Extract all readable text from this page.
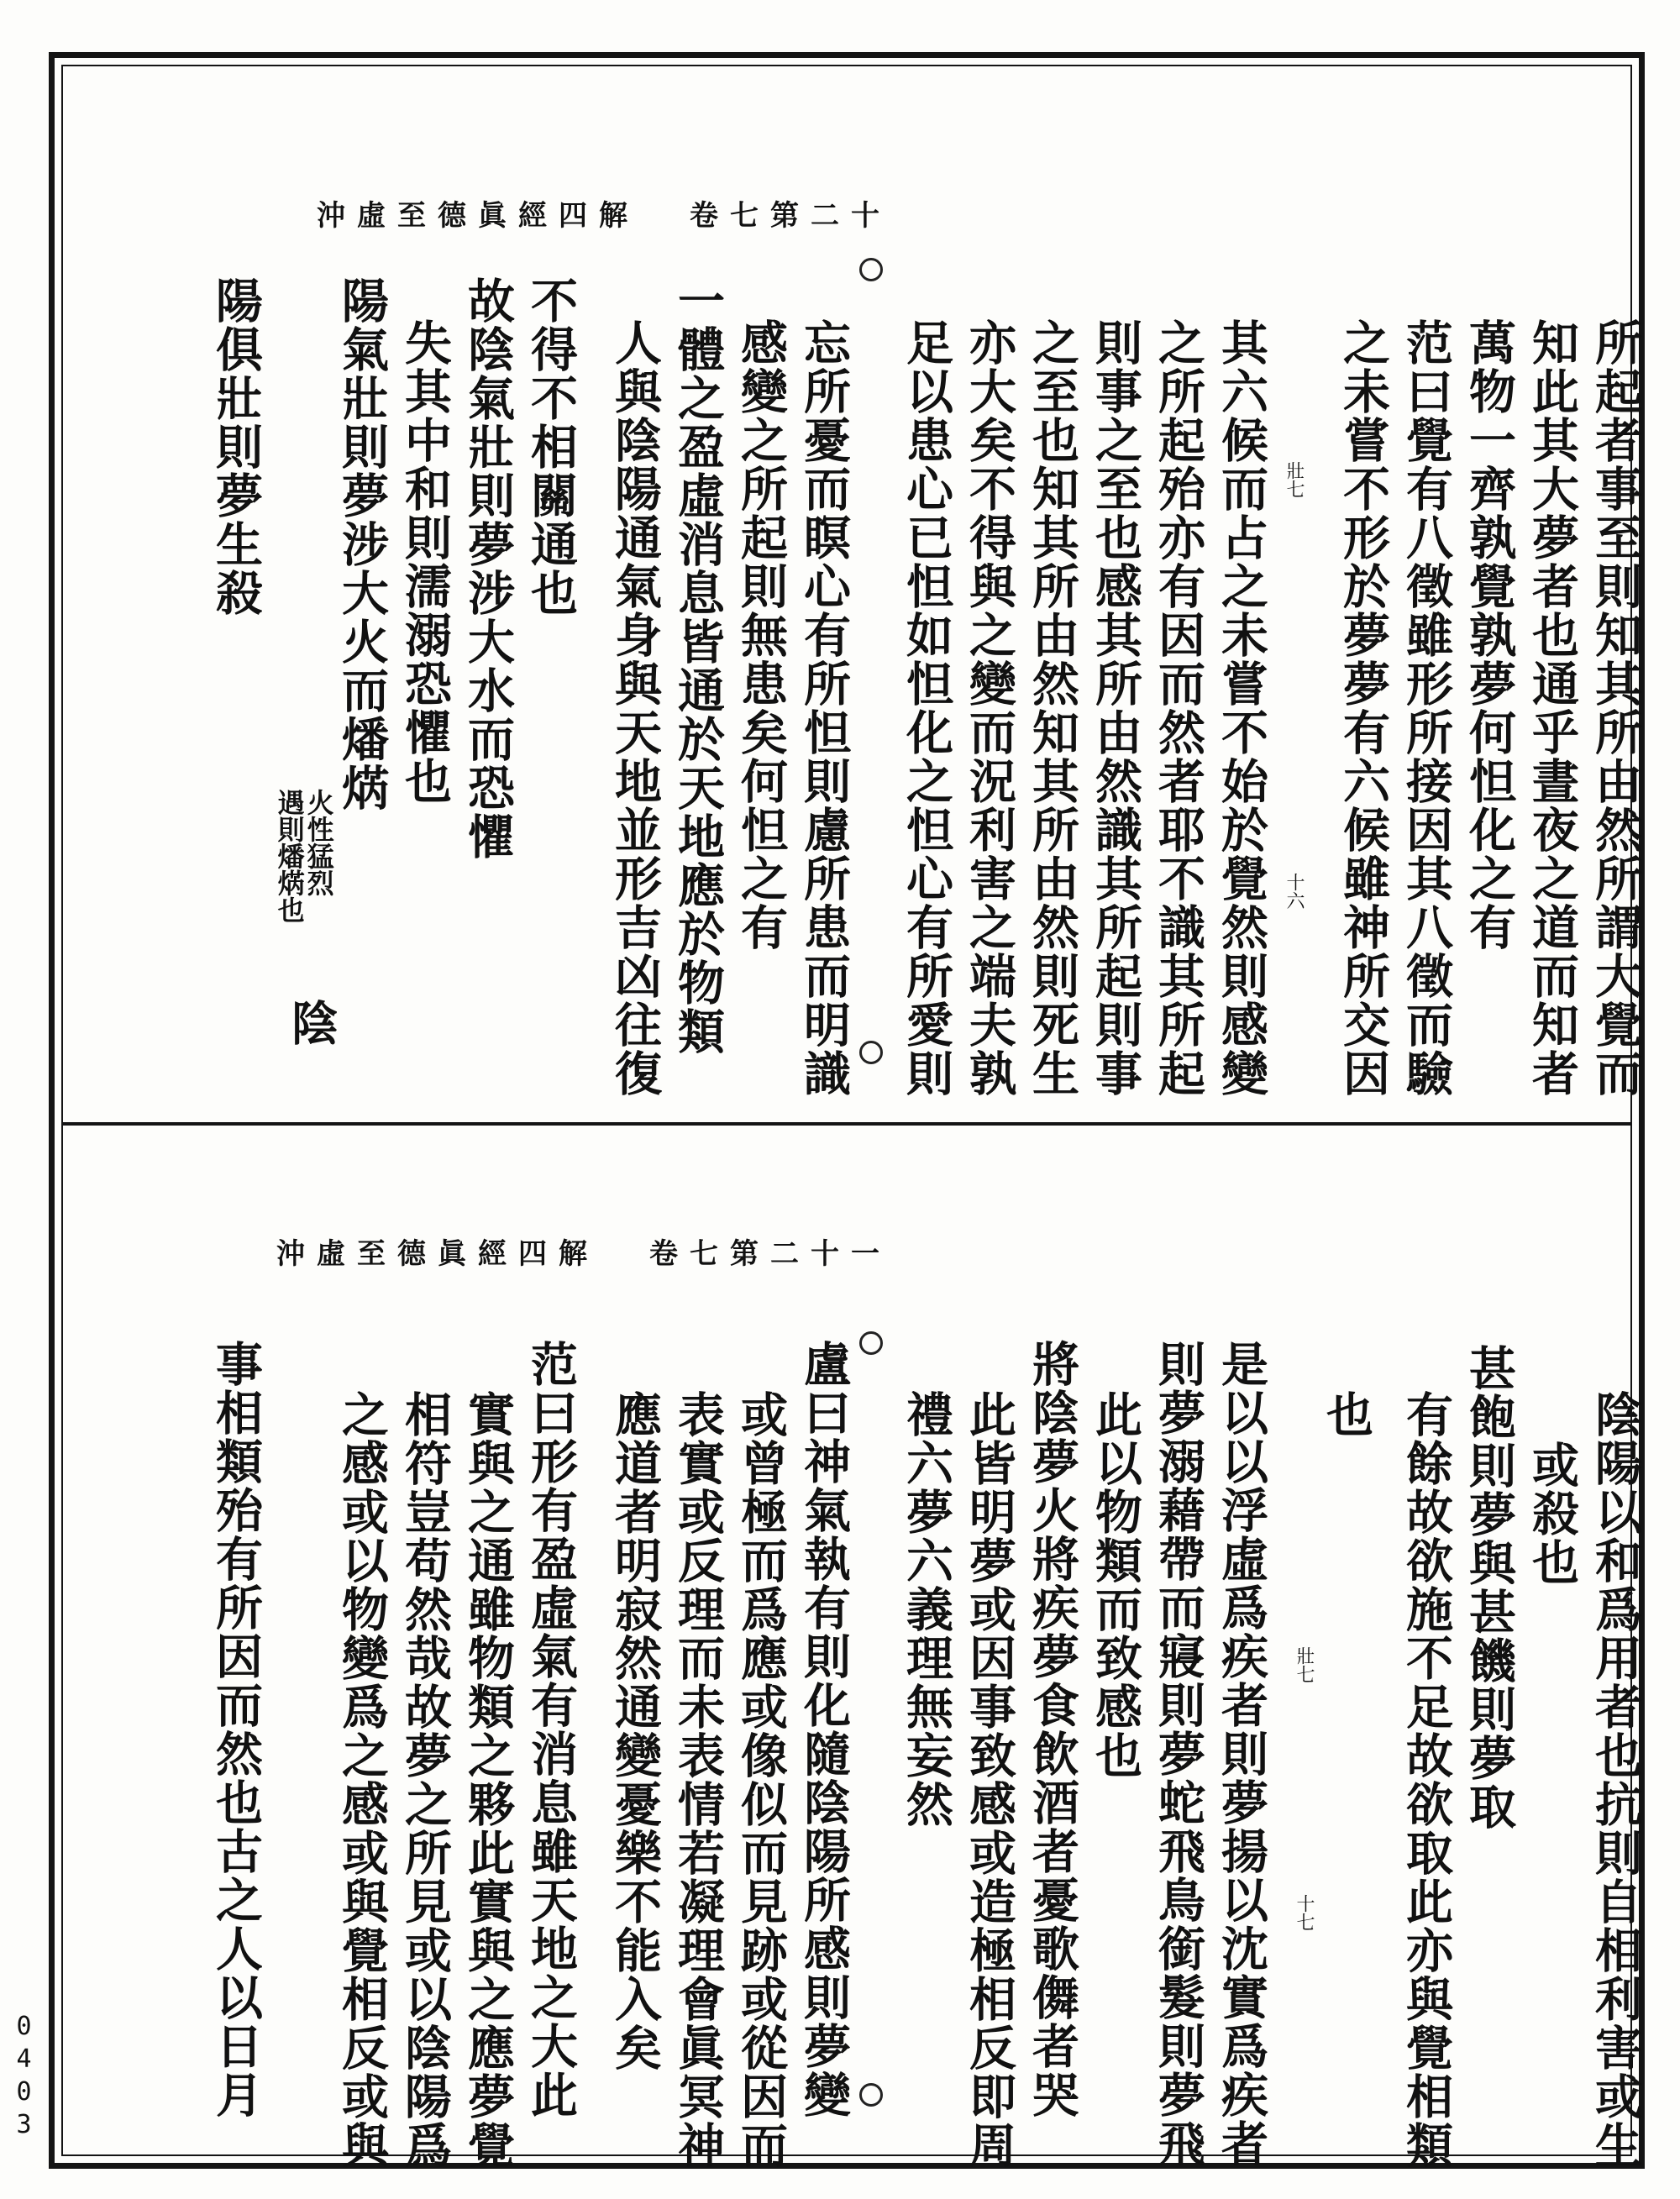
沖虛至德眞經四解 卷七第二十
所起者事至則知其所由然所謂大覺而
知此其大夢者也通乎晝夜之道而知者
萬物一齊孰覺孰夢何怛化之有
范曰覺有八徵雖形所接因其八徵而驗
之未嘗不形於夢夢有六候雖神所交因
壯七
十六
其六候而占之未嘗不始於覺然則感變
之所起殆亦有因而然者耶不識其所起
則事之至也感其所由然識其所起則事
之至也知其所由然知其所由然則死生
亦大矣不得與之變而況利害之端夫孰
足以患心已怛如怛化之怛心有所愛則
忘所憂而瞑心有所怛則慮所患而明識
感變之所起則無患矣何怛之有
一體之盈虛消息皆通於天地應於物類
人與陰陽通氣身與天地並形吉凶往復
不得不相關通也
故陰氣壯則夢涉大水而恐懼
失其中和則濡溺恐懼也
陽氣壯則夢涉大火而燔焫
火性猛烈
遇則燔焫也
陰
陽俱壯則夢生殺
沖虛至德眞經四解 卷七第二十一
陰陽以和爲用者也抗則自相利害或生
或殺也
甚飽則夢與甚饑則夢取
有餘故欲施不足故欲取此亦與覺相類
也
壯七
十七
是以以浮虛爲疾者則夢揚以沈實爲疾者
則夢溺藉帶而寢則夢蛇飛鳥銜髮則夢飛
此以物類而致感也
將陰夢火將疾夢食飲酒者憂歌儛者哭
此皆明夢或因事致感或造極相反即周
禮六夢六義理無妄然
盧曰神氣執有則化隨陰陽所感則夢變
或曾極而爲應或像似而見跡或從因而
表實或反理而未表情若凝理會眞冥神
應道者明寂然通變憂樂不能入矣
范曰形有盈虛氣有消息雖天地之大此
實與之通雖物類之夥此實與之應夢覺
相符豈苟然哉故夢之所見或以陰陽爲
之感或以物變爲之感或與覺相反或與
事相類殆有所因而然也古之人以日月
0403
